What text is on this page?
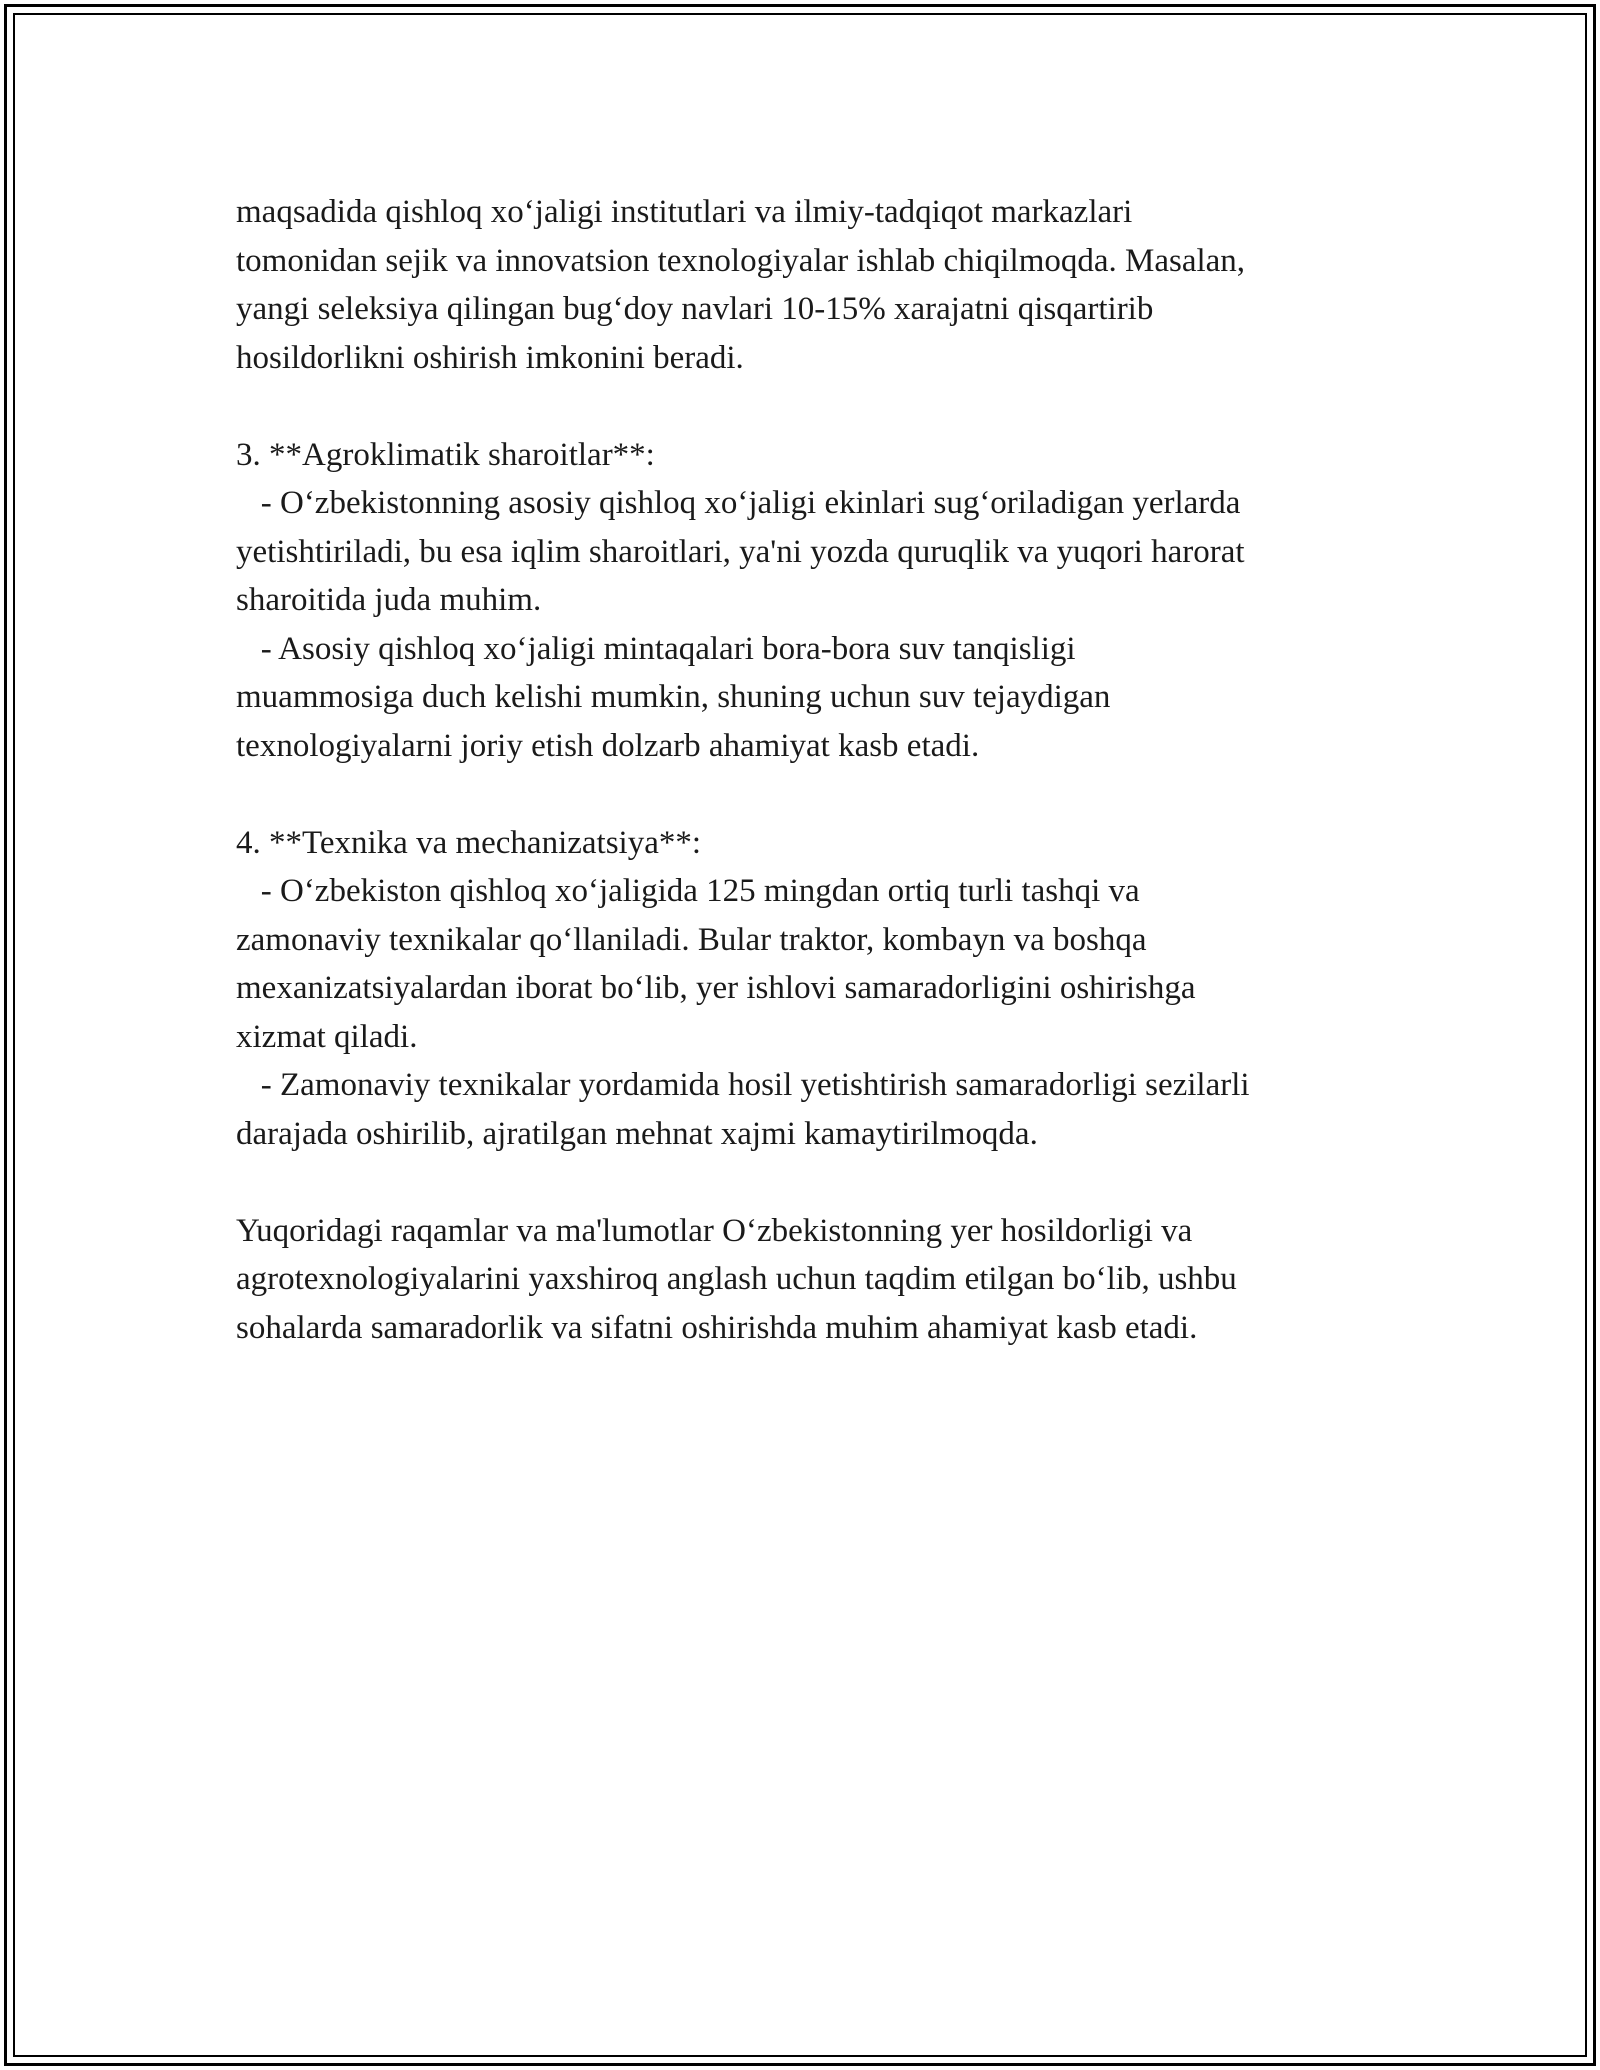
maqsadida qishloq xo‘jaligi institutlari va ilmiy-tadqiqot markazlari
tomonidan sejik va innovatsion texnologiyalar ishlab chiqilmoqda. Masalan,
yangi seleksiya qilingan bug‘doy navlari 10-15% xarajatni qisqartirib
hosildorlikni oshirish imkonini beradi.
3. **Agroklimatik sharoitlar**:
- O‘zbekistonning asosiy qishloq xo‘jaligi ekinlari sug‘oriladigan yerlarda
yetishtiriladi, bu esa iqlim sharoitlari, ya'ni yozda quruqlik va yuqori harorat
sharoitida juda muhim.
- Asosiy qishloq xo‘jaligi mintaqalari bora-bora suv tanqisligi
muammosiga duch kelishi mumkin, shuning uchun suv tejaydigan
texnologiyalarni joriy etish dolzarb ahamiyat kasb etadi.
4. **Texnika va mechanizatsiya**:
- O‘zbekiston qishloq xo‘jaligida 125 mingdan ortiq turli tashqi va
zamonaviy texnikalar qo‘llaniladi. Bular traktor, kombayn va boshqa
mexanizatsiyalardan iborat bo‘lib, yer ishlovi samaradorligini oshirishga
xizmat qiladi.
- Zamonaviy texnikalar yordamida hosil yetishtirish samaradorligi sezilarli
darajada oshirilib, ajratilgan mehnat xajmi kamaytirilmoqda.
Yuqoridagi raqamlar va ma'lumotlar O‘zbekistonning yer hosildorligi va
agrotexnologiyalarini yaxshiroq anglash uchun taqdim etilgan bo‘lib, ushbu
sohalarda samaradorlik va sifatni oshirishda muhim ahamiyat kasb etadi.
